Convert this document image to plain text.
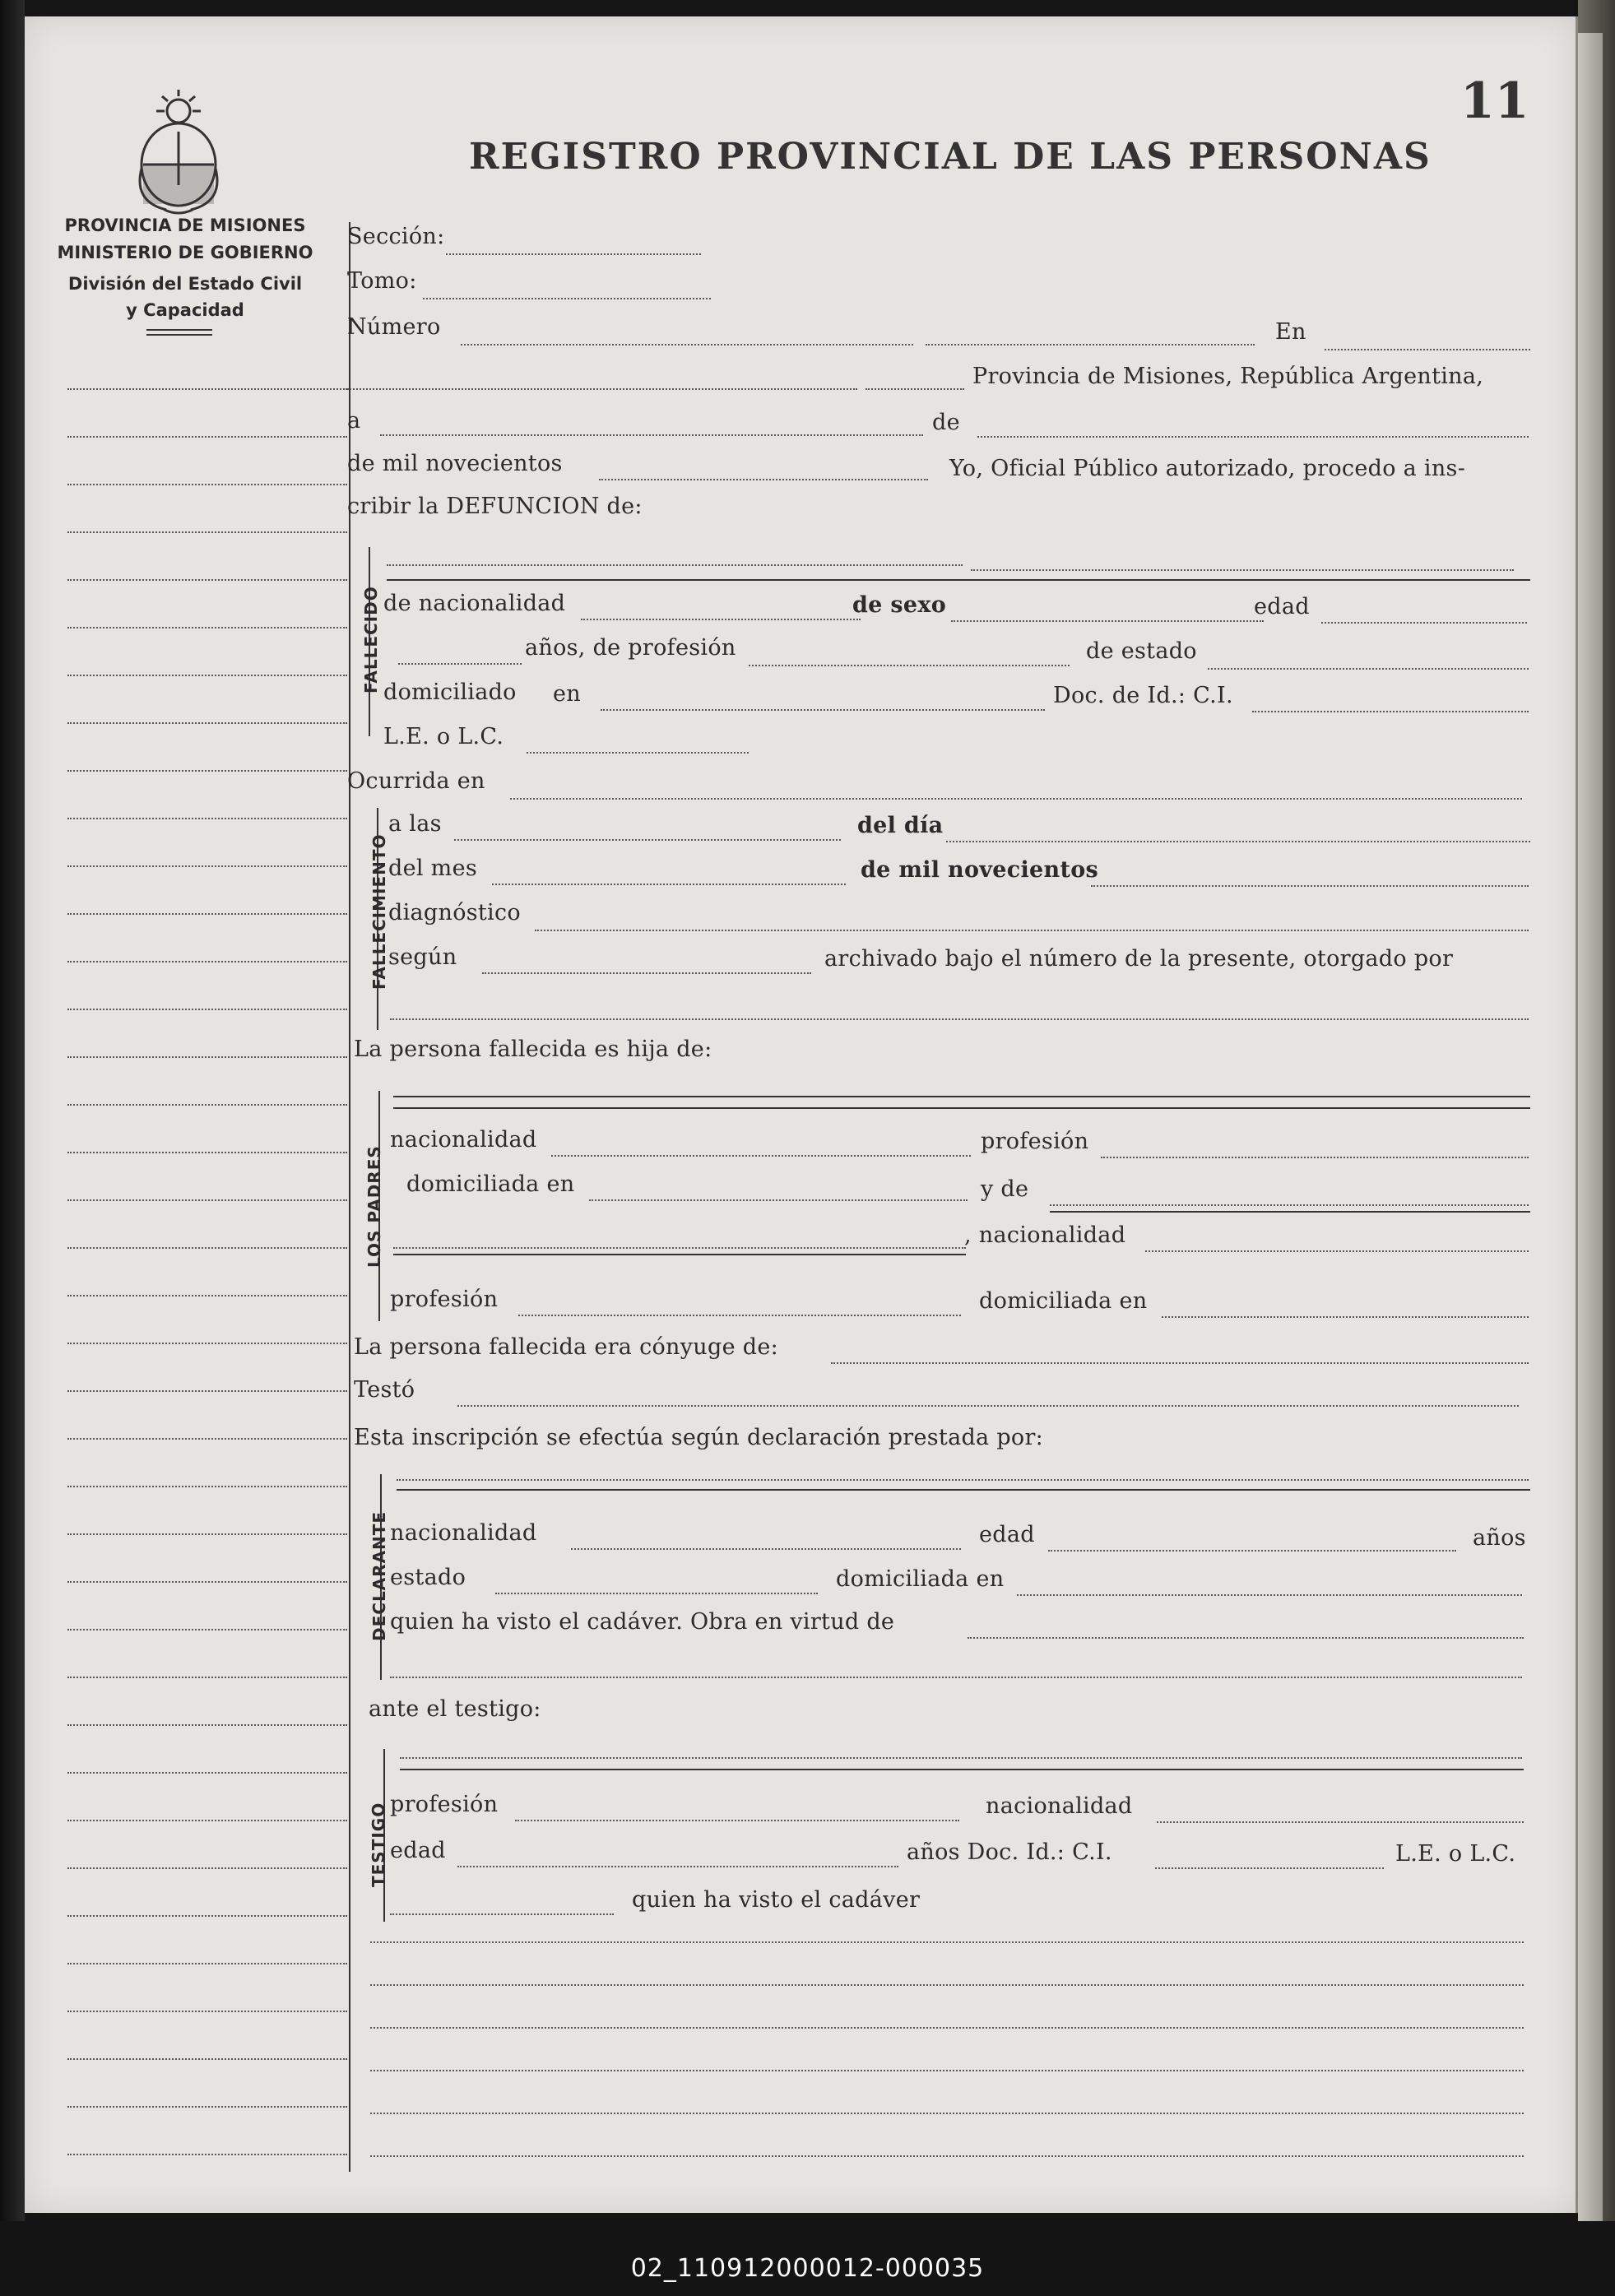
11
REGISTRO PROVINCIAL DE LAS PERSONAS
PROVINCIA DE MISIONES
MINISTERIO DE GOBIERNO
División del Estado Civil
y Capacidad
Sección:
Tomo:
Número	En
Provincia de Misiones, República Argentina,
a	de
de mil novecientos	Yo, Oficial Público autorizado, procedo a ins-
cribir la DEFUNCION de:
FALLECIDO de nacionalidad	de sexo	edad
años, de profesión	de estado
domiciliado en	Doc. de Id.: C.I.
L.E. o L.C.
Ocurrida en
FALLECIMIENTO
a las	del día
del mes	de mil novecientos
diagnóstico
según	archivado bajo el número de la presente, otorgado por
La persona fallecida es hija de:
LOS PADRES
nacionalidad	profesión
domiciliada en	y de
, nacionalidad
profesión	domiciliada en
La persona fallecida era cónyuge de:
Testó
Esta inscripción se efectúa según declaración prestada por:
DECLARANTE nacionalidad	edad	años
estado	domiciliada en
quien ha visto el cadáver. Obra en virtud de
ante el testigo:
TESTIGO profesión	nacionalidad
edad	años Doc. Id.: C.I.	L.E. o L.C.
quien ha visto el cadáver
02_110912000012-000035
